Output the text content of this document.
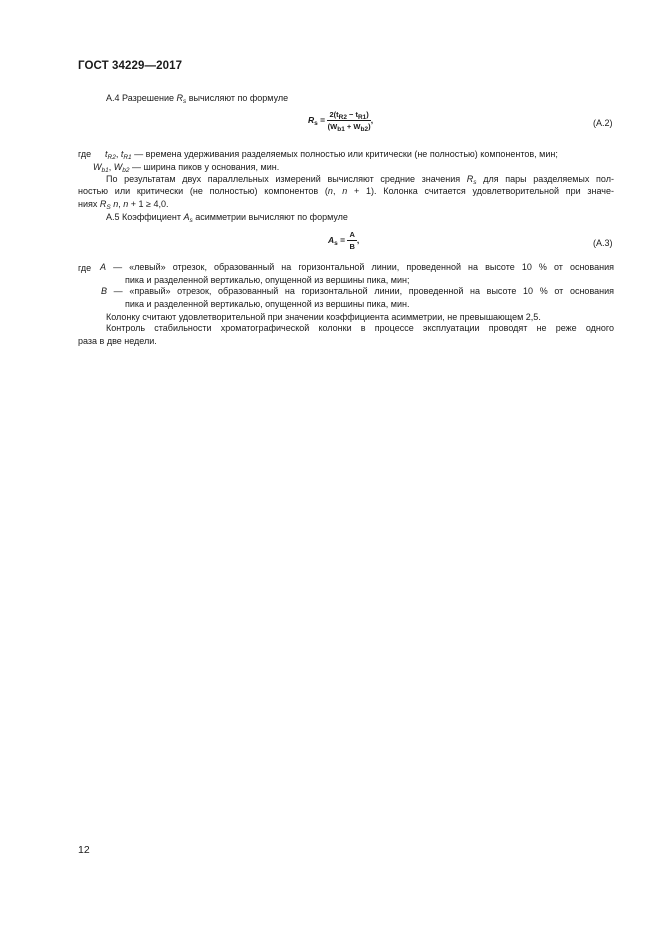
ГОСТ 34229—2017
А.4 Разрешение $R_s$ вычисляют по формуле
$R_s = \frac{2(t_{R2} - t_{R1})}{(W_{b1} + W_{b2})}$ ,	(А.2)
где $t_{R2}$, $t_{R1}$ — времена удерживания разделяемых полностью или критически (не полностью) компонентов, мин;
$W_{b1}$, $W_{b2}$ — ширина пиков у основания, мин.
По результатам двух параллельных измерений вычисляют средние значения $R_s$ для пары разделяемых пол-
ностью или критически (не полностью) компонентов (n, n + 1). Колонка считается удовлетворительной при значе-
ниях $R_S$ n, n + 1 ≥ 4,0.
А.5 Коэффициент $A_s$ асимметрии вычисляют по формуле
$A_s = \frac{A}{B}$ ,	(А.3)
где A — «левый» отрезок, образованный на горизонтальной линии, проведенной на высоте 10 % от основания
пика и разделенной вертикалью, опущенной из вершины пика, мин;
B — «правый» отрезок, образованный на горизонтальной линии, проведенной на высоте 10 % от основания
пика и разделенной вертикалью, опущенной из вершины пика, мин.
Колонку считают удовлетворительной при значении коэффициента асимметрии, не превышающем 2,5.
Контроль стабильности хроматографической колонки в процессе эксплуатации проводят не реже одного
раза в две недели.
12
